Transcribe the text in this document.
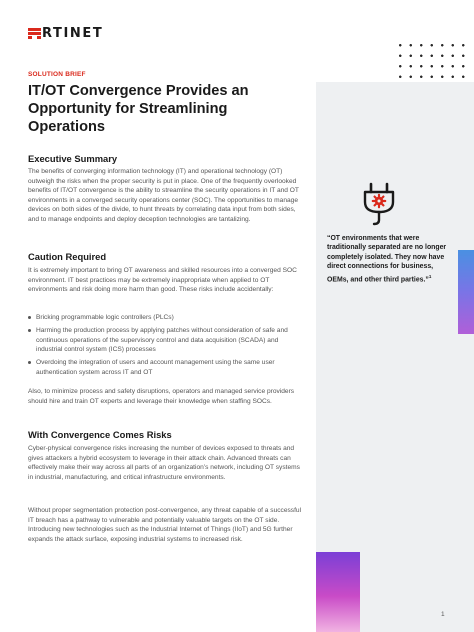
RTINET
SOLUTION BRIEF
IT/OT Convergence Provides an Opportunity for Streamlining Operations
Executive Summary

The benefits of converging information technology (IT) and operational technology (OT) outweigh the risks when the proper security is put in place. One of the frequently overlooked benefits of IT/OT convergence is the ability to streamline the security operations in IT and OT environments in a converged security operations center (SOC). The opportunities to manage devices on both sides of the divide, to hunt threats by correlating data input from both sides, and to manage endpoints and deploy deception technologies are tantalizing.

Caution Required

It is extremely important to bring OT awareness and skilled resources into a converged SOC environment. IT best practices may be extremely inappropriate when applied to OT environments and risk doing more harm than good. These risks include accidentally:

Bricking programmable logic controllers (PLCs)
Harming the production process by applying patches without consideration of safe and continuous operations of the supervisory control and data acquisition (SCADA) and industrial control system (ICS) processes
Overdoing the integration of users and account management using the same user authentication system across IT and OT

Also, to minimize process and safety disruptions, operators and managed service providers should hire and train OT experts and leverage their knowledge when staffing SOCs.

With Convergence Comes Risks

Cyber-physical convergence risks increasing the number of devices exposed to threats and gives attackers a hybrid ecosystem to leverage in their attack chain. Advanced threats can effectively make their way across all parts of an organization’s network, including OT systems in industrial, manufacturing, and critical infrastructure environments.

Without proper segmentation protection post-convergence, any threat capable of a successful IT breach has a pathway to vulnerable and potentially valuable targets on the OT side. Introducing new technologies such as the Industrial Internet of Things (IIoT) and 5G further expands the attack surface, exposing industrial systems to increased risk.

“OT environments that were traditionally separated are no longer completely isolated. They now have direct connections for business, OEMs, and other third parties.”$^1$

1
